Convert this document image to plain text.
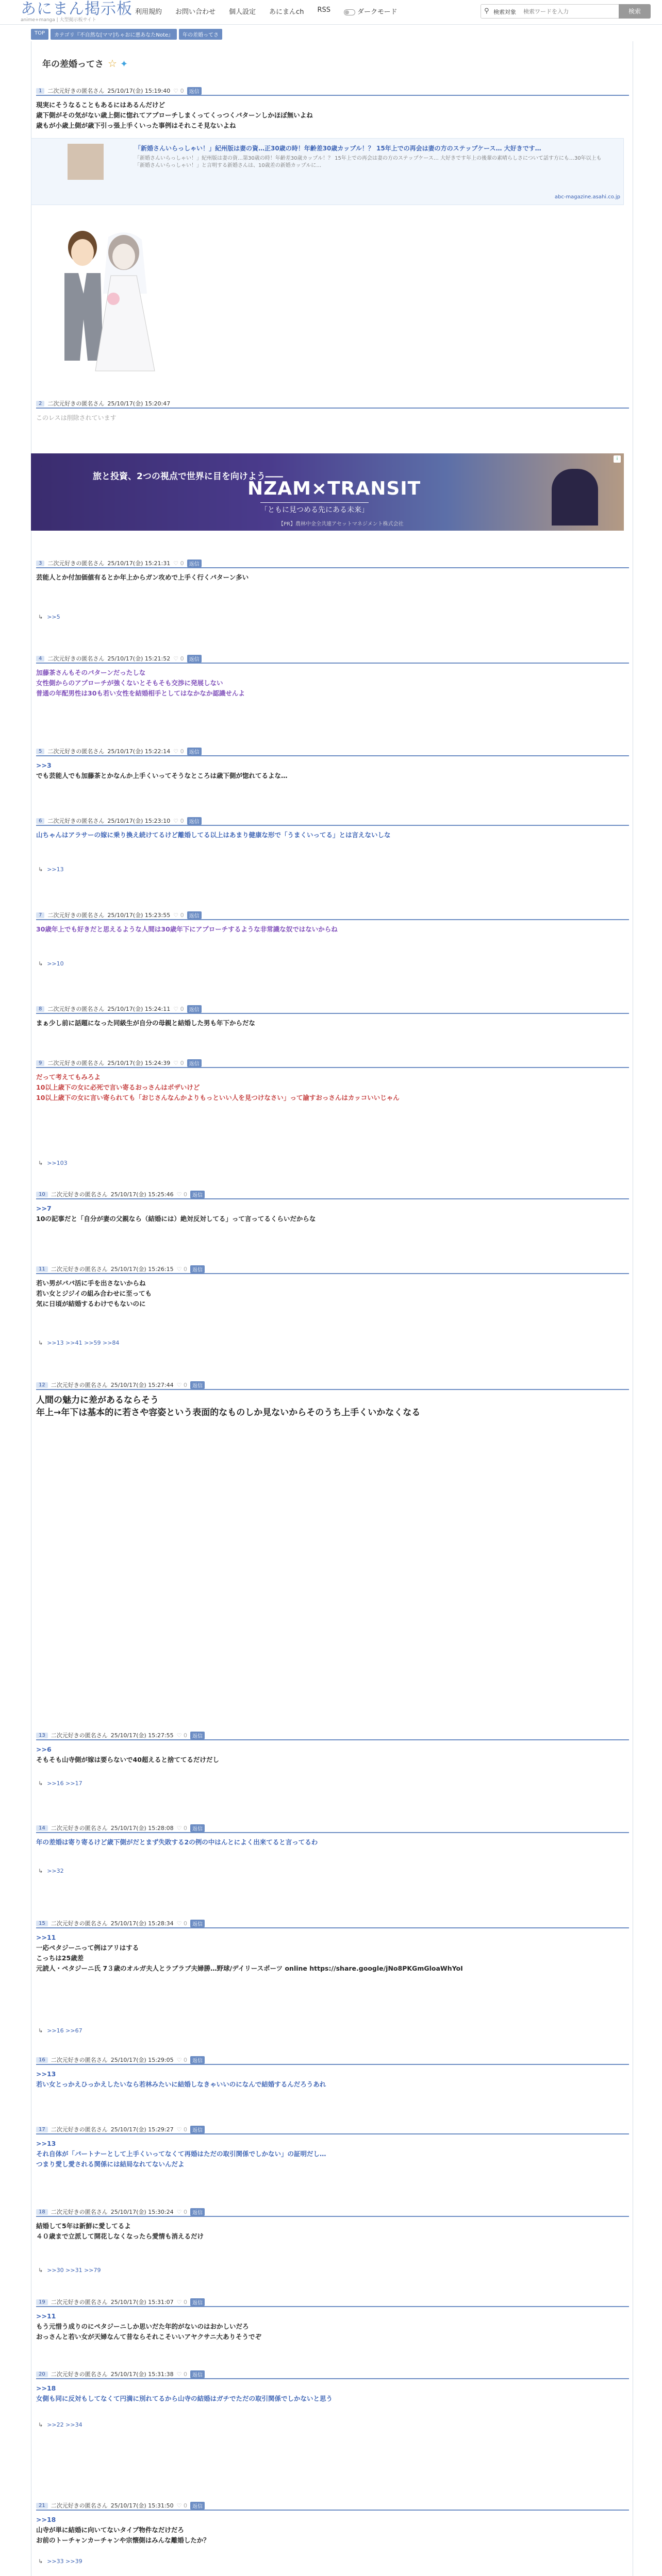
あにまん掲示板
anime+manga | 大型掲示板サイト
利用規約 お問い合わせ 個人設定 あにまんch RSS	ダークモード	⚲ 検索対象
検索ワードを入力	検索
TOP	カテゴリ『不自然な[ママ]ちゃおに悪あなたNote』	年の差婚ってさ
年の差婚ってさ ☆ ✦
1	二次元好きの匿名さん 25/10/17(金) 15:19:40 ♡ 0	返信
現実にそうなることもあるにはあるんだけど
歳下側がその気がない歳上側に惚れてアプローチしまくってくっつくパターンしかほぼ無いよね
歳もが小歳上側が歳下引っ張上手くいった事例はそれこそ見ないよね
2	二次元好きの匿名さん 25/10/17(金) 15:20:47
このレスは削除されています
3	二次元好きの匿名さん 25/10/17(金) 15:21:31 ♡ 0	返信
芸能人とか付加価値有るとか年上からガン攻めで上手く行くパターン多い
↳ >>5
4	二次元好きの匿名さん 25/10/17(金) 15:21:52 ♡ 0	返信
加藤茶さんもそのパターンだったしな
女性側からのアプローチが強くないとそもそも交渉に発展しない
普通の年配男性は30も若い女性を結婚相手としてはなかなか認識せんよ
5	二次元好きの匿名さん 25/10/17(金) 15:22:14 ♡ 0	返信
>>3
でも芸能人でも加藤茶とかなんか上手くいってそうなところは歳下側が惚れてるよな…
6	二次元好きの匿名さん 25/10/17(金) 15:23:10 ♡ 0	返信
山ちゃんはアラサーの嫁に乗り換え続けてるけど離婚してる以上はあまり健康な形で「うまくいってる」とは言えないしな
↳ >>13
7	二次元好きの匿名さん 25/10/17(金) 15:23:55 ♡ 0	返信
30歳年上でも好きだと思えるような人間は30歳年下にアプローチするような非常識な奴ではないからね
↳ >>10
8	二次元好きの匿名さん 25/10/17(金) 15:24:11 ♡ 0	返信
まぁ少し前に話題になった同級生が自分の母親と結婚した男も年下からだな
9	二次元好きの匿名さん 25/10/17(金) 15:24:39 ♡ 0	返信
だって考えてもみろよ
10以上歳下の女に必死で言い寄るおっさんはポザいけど
10以上歳下の女に言い寄られても「おじさんなんかよりもっといい人を見つけなさい」って諭すおっさんはカッコいいじゃん
↳ >>103
10	二次元好きの匿名さん 25/10/17(金) 15:25:46 ♡ 0	返信
>>7
10の記事だと「自分が妻の父親なら（結婚には）絶対反対してる」って言ってるくらいだからな
11	二次元好きの匿名さん 25/10/17(金) 15:26:15 ♡ 0	返信
若い男がパパ活に手を出さないからね
若い女とジジイの組み合わせに至っても
気に日頃が結婚するわけでもないのに
↳ >>13 >>41 >>59 >>84
12	二次元好きの匿名さん 25/10/17(金) 15:27:44 ♡ 0	返信
人間の魅力に差があるならそう
年上→年下は基本的に若さや容姿という表面的なものしか見ないからそのうち上手くいかなくなる
13	二次元好きの匿名さん 25/10/17(金) 15:27:55 ♡ 0	返信
>>6
そもそも山寺側が嫁は要らないで40超えると捨ててるだけだし
↳ >>16 >>17
14	二次元好きの匿名さん 25/10/17(金) 15:28:08 ♡ 0	返信
年の差婚は寄り寄るけど歳下側がだとまず失敗する2の例の中はんとによく出来てると言ってるわ
↳ >>32
15	二次元好きの匿名さん 25/10/17(金) 15:28:34 ♡ 0	返信
>>11
一応ペタジーニって例はアリはする
こっちは25歳差
元読人・ペタジーニ氏 7３歳のオルガ夫人とラブラブ夫婦勝…野球/デイリースポーツ online https://share.google/jNo8PKGmGloaWhYoI
↳ >>16 >>67
16	二次元好きの匿名さん 25/10/17(金) 15:29:05 ♡ 0	返信
>>13
若い女とっかえひっかえしたいなら若林みたいに結婚しなきゃいいのになんで結婚するんだろうあれ
17	二次元好きの匿名さん 25/10/17(金) 15:29:27 ♡ 0	返信
>>13
それ自体が「パートナーとして上手くいってなくて再婚はただの取引関係でしかない」の証明だし…
つまり愛し愛される関係には結局なれてないんだよ
18	二次元好きの匿名さん 25/10/17(金) 15:30:24 ♡ 0	返信
結婚して5年は新鮮に愛してるよ
４０歳まで立派して開花しなくなったら愛情も消えるだけ
↳ >>30 >>31 >>79
19	二次元好きの匿名さん 25/10/17(金) 15:31:07 ♡ 0	返信
>>11
もう元惜う成りのにペタジーニしか思いだた年的がないのはおかしいだろ
おっさんと若い女が天婦なんて昔ならそれこそいいアヤクサニ大ありそうでぞ
20	二次元好きの匿名さん 25/10/17(金) 15:31:38 ♡ 0	返信
>>18
女側も同に反対もしてなくて円満に別れてるから山寺の結婚はガチでただの取引関係でしかないと思う
↳ >>22 >>34
21	二次元好きの匿名さん 25/10/17(金) 15:31:50 ♡ 0	返信
>>18
山寺が単に結婚に向いてないタイプ物件なだけだろ
お前のトーチャンカーチャンや宗懐側はみんな離婚したか？
↳ >>33 >>39
「新婚さんいらっしゃい！」紀州版は妻の資…正30歳の時！年齢差30歳カップル！？ 15年上での再会は妻の方のステップケース… 大好きです…
「新婚さんいらっしゃい！」紀州版は妻の資…第30歳の時！年齢差30歳カップル！？ 15年上での再会は妻の方のステップケース… 大好きです年上の後輩の素晴らしさについて話す方にも…30年以上も「新婚さんいらっしゃい！」と言明する新婚さんは、10歳差の新婚カップルに…
abc-magazine.asahi.co.jp
i
旅と投資、2つの視点で世界に目を向けよう――
NZAM×TRANSIT
「ともに見つめる先にある未来」
【PR】農林中金全共連アセットマネジメント株式会社
